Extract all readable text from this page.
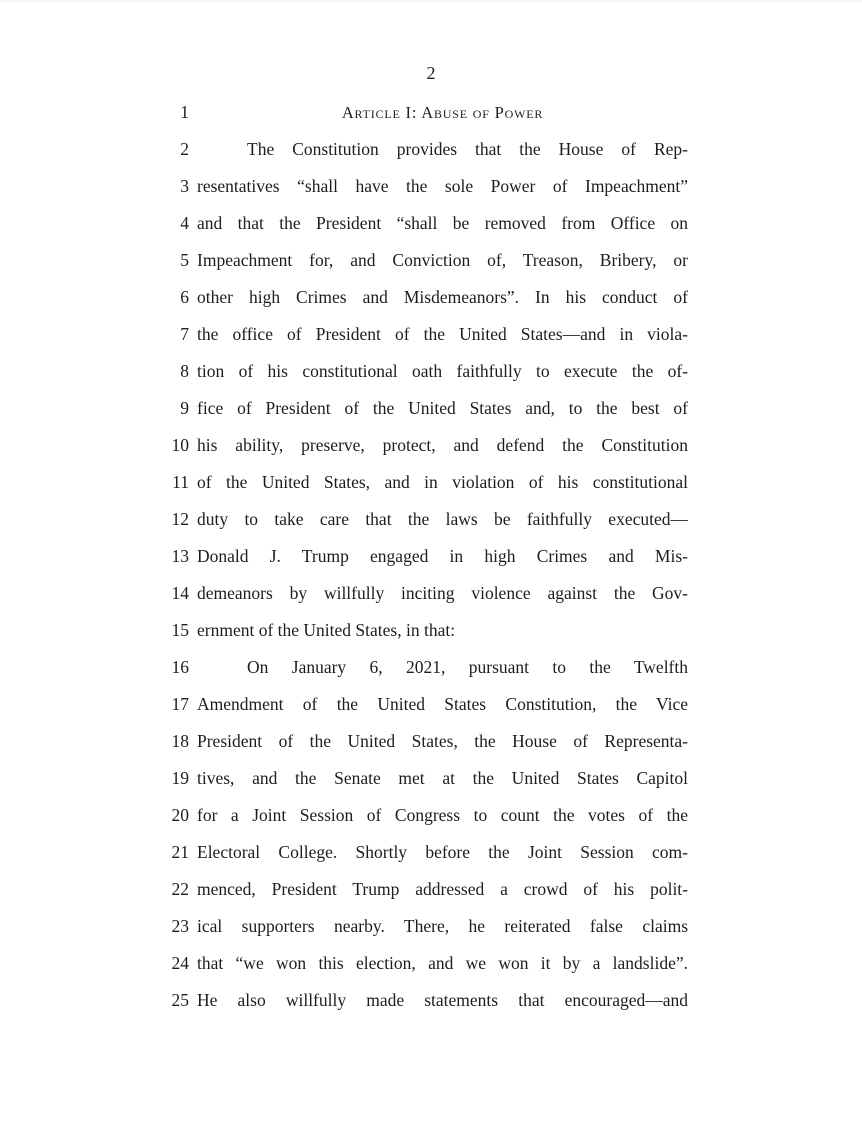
2
1	Article I: Abuse of Power
2	The Constitution provides that the House of Rep-
3 resentatives “shall have the sole Power of Impeachment”
4 and that the President “shall be removed from Office on
5 Impeachment for, and Conviction of, Treason, Bribery, or
6 other high Crimes and Misdemeanors”. In his conduct of
7 the office of President of the United States—and in viola-
8 tion of his constitutional oath faithfully to execute the of-
9 fice of President of the United States and, to the best of
10 his ability, preserve, protect, and defend the Constitution
11 of the United States, and in violation of his constitutional
12 duty to take care that the laws be faithfully executed—
13 Donald J. Trump engaged in high Crimes and Mis-
14 demeanors by willfully inciting violence against the Gov-
15 ernment of the United States, in that:
16	On January 6, 2021, pursuant to the Twelfth
17 Amendment of the United States Constitution, the Vice
18 President of the United States, the House of Representa-
19 tives, and the Senate met at the United States Capitol
20 for a Joint Session of Congress to count the votes of the
21 Electoral College. Shortly before the Joint Session com-
22 menced, President Trump addressed a crowd of his polit-
23 ical supporters nearby. There, he reiterated false claims
24 that “we won this election, and we won it by a landslide”.
25 He also willfully made statements that encouraged—and
